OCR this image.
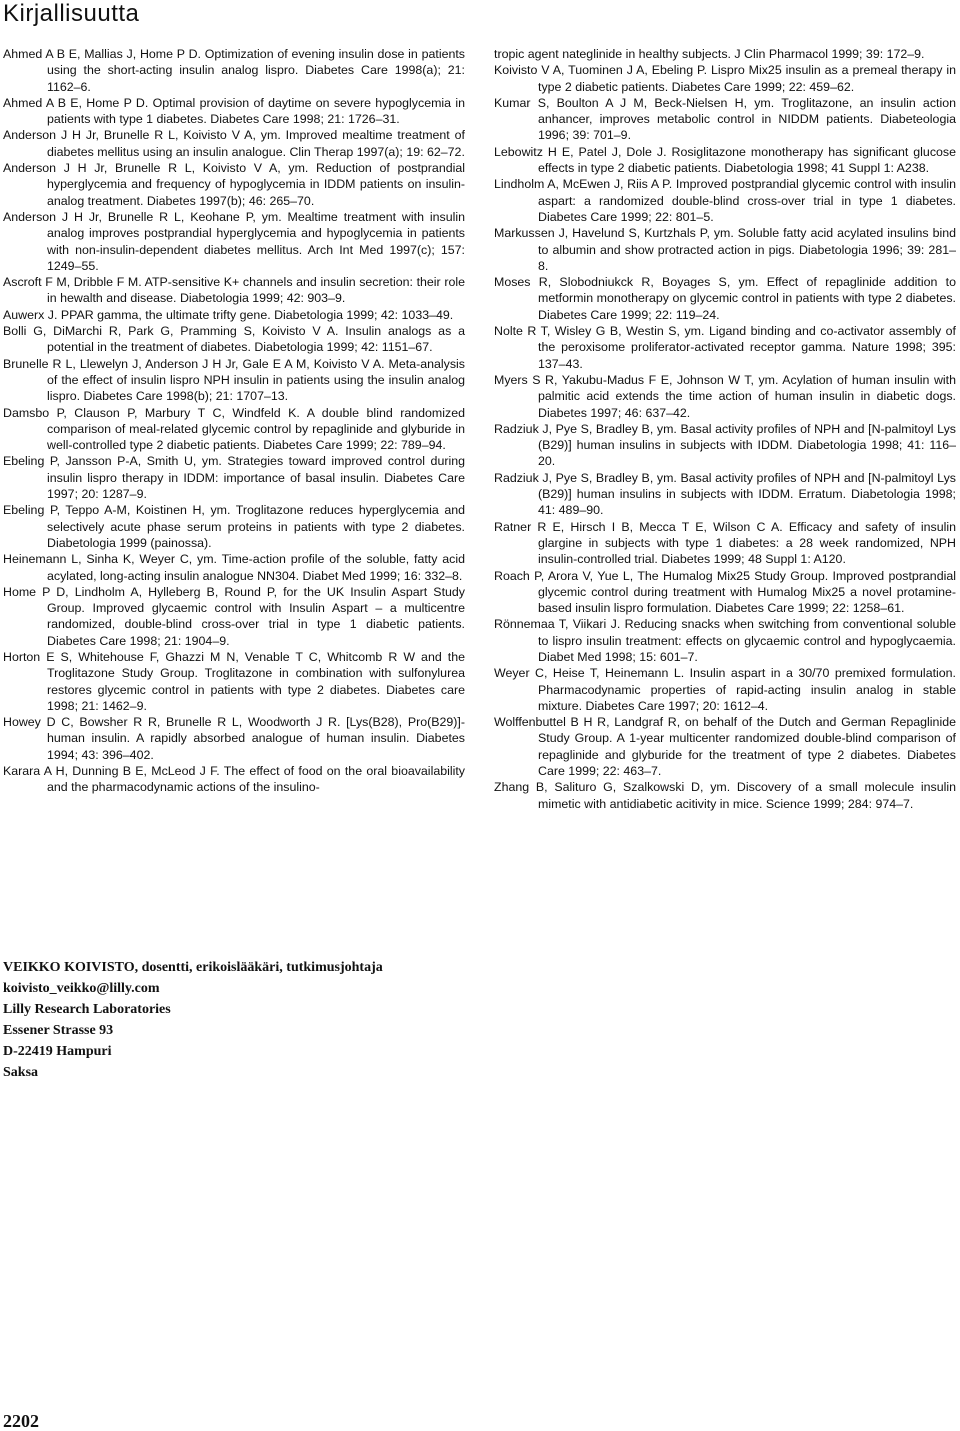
Kirjallisuutta

Ahmed A B E, Mallias J, Home P D. Optimization of evening insulin dose in patients using the short-acting insulin analog lispro. Diabetes Care 1998(a); 21: 1162–6.

Ahmed A B E, Home P D. Optimal provision of daytime on severe hypoglycemia in patients with type 1 diabetes. Diabetes Care 1998; 21: 1726–31.

Anderson J H Jr, Brunelle R L, Koivisto V A, ym. Improved mealtime treatment of diabetes mellitus using an insulin analogue. Clin Therap 1997(a); 19: 62–72.

Anderson J H Jr, Brunelle R L, Koivisto V A, ym. Reduction of postprandial hyperglycemia and frequency of hypoglycemia in IDDM patients on insulin-analog treatment. Diabetes 1997(b); 46: 265–70.

Anderson J H Jr, Brunelle R L, Keohane P, ym. Mealtime treatment with insulin analog improves postprandial hyperglycemia and hypoglycemia in patients with non-insulin-dependent diabetes mellitus. Arch Int Med 1997(c); 157: 1249–55.

Ascroft F M, Dribble F M. ATP-sensitive K+ channels and insulin secretion: their role in hewalth and disease. Diabetologia 1999; 42: 903–9.

Auwerx J. PPAR gamma, the ultimate trifty gene. Diabetologia 1999; 42: 1033–49.

Bolli G, DiMarchi R, Park G, Pramming S, Koivisto V A. Insulin analogs as a potential in the treatment of diabetes. Diabetologia 1999; 42: 1151–67.

Brunelle R L, Llewelyn J, Anderson J H Jr, Gale E A M, Koivisto V A. Meta-analysis of the effect of insulin lispro NPH insulin in patients using the insulin analog lispro. Diabetes Care 1998(b); 21: 1707–13.

Damsbo P, Clauson P, Marbury T C, Windfeld K. A double blind randomized comparison of meal-related glycemic control by repaglinide and glyburide in well-controlled type 2 diabetic patients. Diabetes Care 1999; 22: 789–94.

Ebeling P, Jansson P-A, Smith U, ym. Strategies toward improved control during insulin lispro therapy in IDDM: importance of basal insulin. Diabetes Care 1997; 20: 1287–9.

Ebeling P, Teppo A-M, Koistinen H, ym. Troglitazone reduces hyperglycemia and selectively acute phase serum proteins in patients with type 2 diabetes. Diabetologia 1999 (painossa).

Heinemann L, Sinha K, Weyer C, ym. Time-action profile of the soluble, fatty acid acylated, long-acting insulin analogue NN304. Diabet Med 1999; 16: 332–8.

Home P D, Lindholm A, Hylleberg B, Round P, for the UK Insulin Aspart Study Group. Improved glycaemic control with Insulin Aspart – a multicentre randomized, double-blind cross-over trial in type 1 diabetic patients. Diabetes Care 1998; 21: 1904–9.

Horton E S, Whitehouse F, Ghazzi M N, Venable T C, Whitcomb R W and the Troglitazone Study Group. Troglitazone in combination with sulfonylurea restores glycemic control in patients with type 2 diabetes. Diabetes care 1998; 21: 1462–9.

Howey D C, Bowsher R R, Brunelle R L, Woodworth J R. [Lys(B28), Pro(B29)]-human insulin. A rapidly absorbed analogue of human insulin. Diabetes 1994; 43: 396–402.

Karara A H, Dunning B E, McLeod J F. The effect of food on the oral bioavailability and the pharmacodynamic actions of the insulino-

tropic agent nateglinide in healthy subjects. J Clin Pharmacol 1999; 39: 172–9.

Koivisto V A, Tuominen J A, Ebeling P. Lispro Mix25 insulin as a premeal therapy in type 2 diabetic patients. Diabetes Care 1999; 22: 459–62.

Kumar S, Boulton A J M, Beck-Nielsen H, ym. Troglitazone, an insulin action anhancer, improves metabolic control in NIDDM patients. Diabeteologia 1996; 39: 701–9.

Lebowitz H E, Patel J, Dole J. Rosiglitazone monotherapy has significant glucose effects in type 2 diabetic patients. Diabetologia 1998; 41 Suppl 1: A238.

Lindholm A, McEwen J, Riis A P. Improved postprandial glycemic control with insulin aspart: a randomized double-blind cross-over trial in type 1 diabetes. Diabetes Care 1999; 22: 801–5.

Markussen J, Havelund S, Kurtzhals P, ym. Soluble fatty acid acylated insulins bind to albumin and show protracted action in pigs. Diabetologia 1996; 39: 281–8.

Moses R, Slobodniukck R, Boyages S, ym. Effect of repaglinide addition to metformin monotherapy on glycemic control in patients with type 2 diabetes. Diabetes Care 1999; 22: 119–24.

Nolte R T, Wisley G B, Westin S, ym. Ligand binding and co-activator assembly of the peroxisome proliferator-activated receptor gamma. Nature 1998; 395: 137–43.

Myers S R, Yakubu-Madus F E, Johnson W T, ym. Acylation of human insulin with palmitic acid extends the time action of human insulin in diabetic dogs. Diabetes 1997; 46: 637–42.

Radziuk J, Pye S, Bradley B, ym. Basal activity profiles of NPH and [N-palmitoyl Lys (B29)] human insulins in subjects with IDDM. Diabetologia 1998; 41: 116–20.

Radziuk J, Pye S, Bradley B, ym. Basal activity profiles of NPH and [N-palmitoyl Lys (B29)] human insulins in subjects with IDDM. Erratum. Diabetologia 1998; 41: 489–90.

Ratner R E, Hirsch I B, Mecca T E, Wilson C A. Efficacy and safety of insulin glargine in subjects with type 1 diabetes: a 28 week randomized, NPH insulin-controlled trial. Diabetes 1999; 48 Suppl 1: A120.

Roach P, Arora V, Yue L, The Humalog Mix25 Study Group. Improved postprandial glycemic control during treatment with Humalog Mix25 a novel protamine-based insulin lispro formulation. Diabetes Care 1999; 22: 1258–61.

Rönnemaa T, Viikari J. Reducing snacks when switching from conventional soluble to lispro insulin treatment: effects on glycaemic control and hypoglycaemia. Diabet Med 1998; 15: 601–7.

Weyer C, Heise T, Heinemann L. Insulin aspart in a 30/70 premixed formulation. Pharmacodynamic properties of rapid-acting insulin analog in stable mixture. Diabetes Care 1997; 20: 1612–4.

Wolffenbuttel B H R, Landgraf R, on behalf of the Dutch and German Repaglinide Study Group. A 1-year multicenter randomized double-blind comparison of repaglinide and glyburide for the treatment of type 2 diabetes. Diabetes Care 1999; 22: 463–7.

Zhang B, Salituro G, Szalkowski D, ym. Discovery of a small molecule insulin mimetic with antidiabetic acitivity in mice. Science 1999; 284: 974–7.

VEIKKO KOIVISTO, dosentti, erikoislääkäri, tutkimusjohtaja
koivisto_veikko@lilly.com
Lilly Research Laboratories
Essener Strasse 93
D-22419 Hampuri
Saksa
2202
